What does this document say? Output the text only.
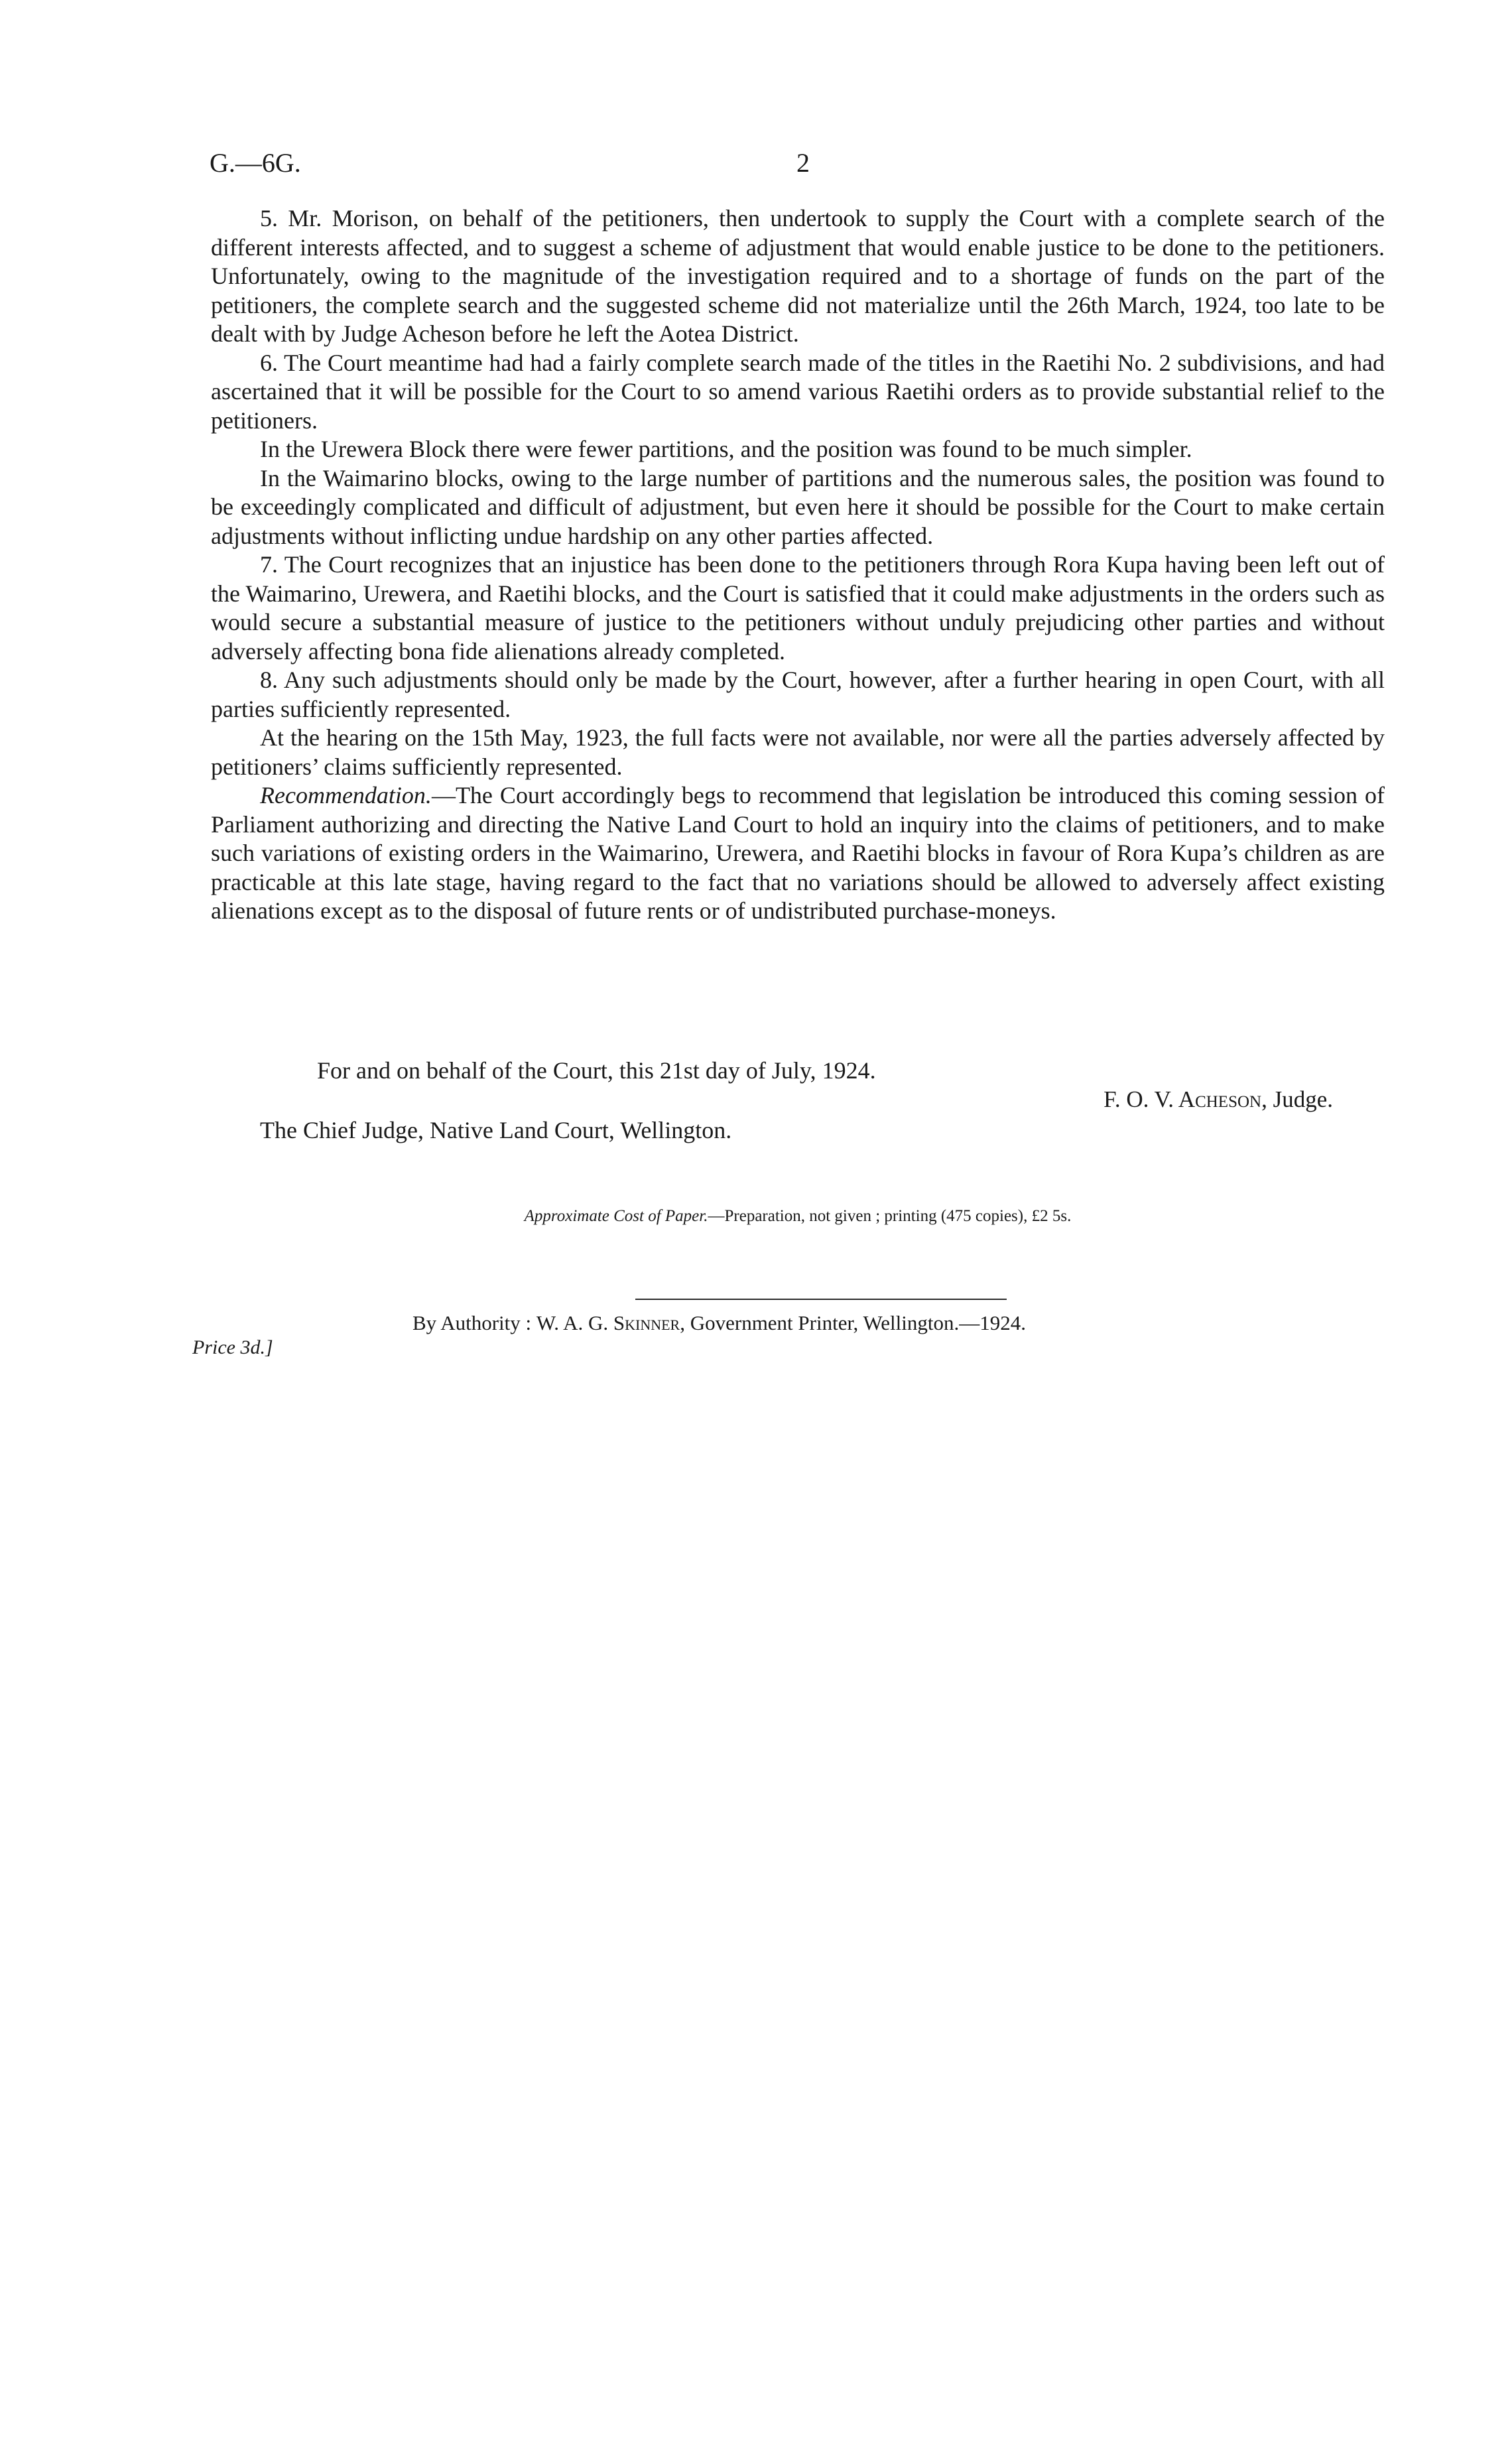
G.—6G.	2

5. Mr. Morison, on behalf of the petitioners, then undertook to supply the Court with a complete search of the different interests affected, and to suggest a scheme of adjustment that would enable justice to be done to the petitioners. Unfortunately, owing to the magnitude of the investigation required and to a shortage of funds on the part of the petitioners, the complete search and the suggested scheme did not materialize until the 26th March, 1924, too late to be dealt with by Judge Acheson before he left the Aotea District.

6. The Court meantime had had a fairly complete search made of the titles in the Raetihi No. 2 subdivisions, and had ascertained that it will be possible for the Court to so amend various Raetihi orders as to provide substantial relief to the petitioners.

In the Urewera Block there were fewer partitions, and the position was found to be much simpler.

In the Waimarino blocks, owing to the large number of partitions and the numerous sales, the position was found to be exceedingly complicated and difficult of adjustment, but even here it should be possible for the Court to make certain adjustments without inflicting undue hardship on any other parties affected.

7. The Court recognizes that an injustice has been done to the petitioners through Rora Kupa having been left out of the Waimarino, Urewera, and Raetihi blocks, and the Court is satisfied that it could make adjustments in the orders such as would secure a substantial measure of justice to the petitioners without unduly prejudicing other parties and without adversely affecting bona fide alienations already completed.

8. Any such adjustments should only be made by the Court, however, after a further hearing in open Court, with all parties sufficiently represented.

At the hearing on the 15th May, 1923, the full facts were not available, nor were all the parties adversely affected by petitioners’ claims sufficiently represented.

Recommendation.—The Court accordingly begs to recommend that legislation be introduced this coming session of Parliament authorizing and directing the Native Land Court to hold an inquiry into the claims of petitioners, and to make such variations of existing orders in the Waimarino, Urewera, and Raetihi blocks in favour of Rora Kupa’s children as are practicable at this late stage, having regard to the fact that no variations should be allowed to adversely affect existing alienations except as to the disposal of future rents or of undistributed purchase-moneys.

For and on behalf of the Court, this 21st day of July, 1924.
F. O. V. Acheson, Judge.
The Chief Judge, Native Land Court, Wellington.
Approximate Cost of Paper.—Preparation, not given ; printing (475 copies), £2 5s.
Price 3d.]
By Authority : W. A. G. Skinner, Government Printer, Wellington.—1924.
